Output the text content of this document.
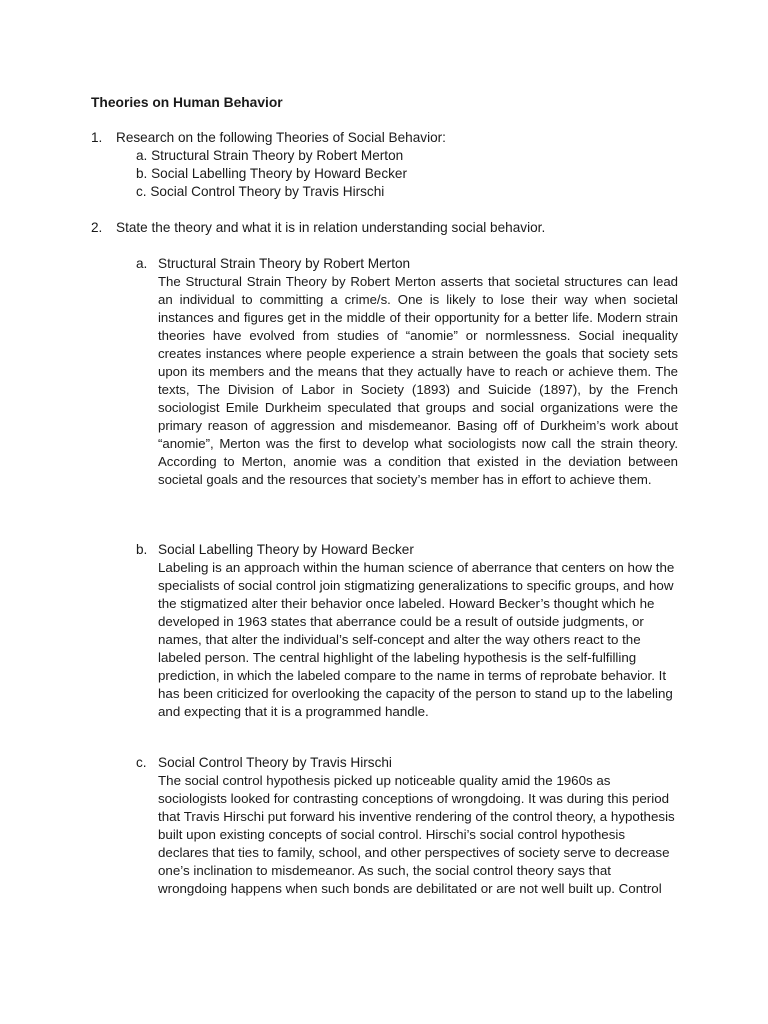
Theories on Human Behavior
1. Research on the following Theories of Social Behavior:
a. Structural Strain Theory by Robert Merton
b. Social Labelling Theory by Howard Becker
c. Social Control Theory by Travis Hirschi
2. State the theory and what it is in relation understanding social behavior.
a. Structural Strain Theory by Robert Merton

The Structural Strain Theory by Robert Merton asserts that societal structures can lead an individual to committing a crime/s. One is likely to lose their way when societal instances and figures get in the middle of their opportunity for a better life. Modern strain theories have evolved from studies of “anomie” or normlessness. Social inequality creates instances where people experience a strain between the goals that society sets upon its members and the means that they actually have to reach or achieve them. The texts, The Division of Labor in Society (1893) and Suicide (1897), by the French sociologist Emile Durkheim speculated that groups and social organizations were the primary reason of aggression and misdemeanor. Basing off of Durkheim’s work about “anomie”, Merton was the first to develop what sociologists now call the strain theory. According to Merton, anomie was a condition that existed in the deviation between societal goals and the resources that society’s member has in effort to achieve them.

b. Social Labelling Theory by Howard Becker

Labeling is an approach within the human science of aberrance that centers on how the specialists of social control join stigmatizing generalizations to specific groups, and how the stigmatized alter their behavior once labeled. Howard Becker’s thought which he developed in 1963 states that aberrance could be a result of outside judgments, or names, that alter the individual’s self-concept and alter the way others react to the labeled person. The central highlight of the labeling hypothesis is the self-fulfilling prediction, in which the labeled compare to the name in terms of reprobate behavior. It has been criticized for overlooking the capacity of the person to stand up to the labeling and expecting that it is a programmed handle.

c. Social Control Theory by Travis Hirschi

The social control hypothesis picked up noticeable quality amid the 1960s as sociologists looked for contrasting conceptions of wrongdoing. It was during this period that Travis Hirschi put forward his inventive rendering of the control theory, a hypothesis built upon existing concepts of social control. Hirschi’s social control hypothesis declares that ties to family, school, and other perspectives of society serve to decrease one’s inclination to misdemeanor. As such, the social control theory says that wrongdoing happens when such bonds are debilitated or are not well built up. Control
